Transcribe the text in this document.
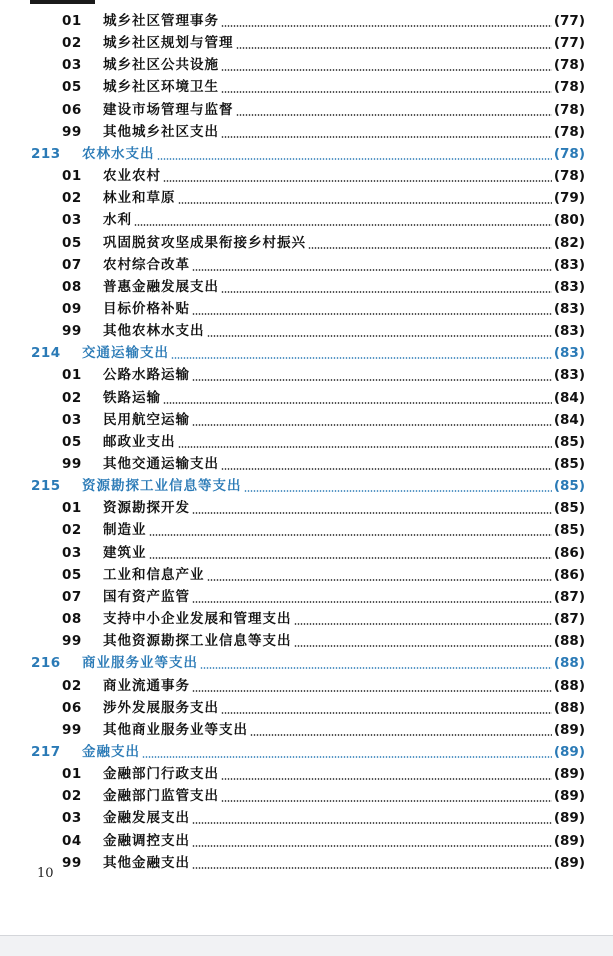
01 城乡社区管理事务	(77)
02 城乡社区规划与管理	(77)
03 城乡社区公共设施	(78)
05 城乡社区环境卫生	(78)
06 建设市场管理与监督	(78)
99 其他城乡社区支出	(78)
213 农林水支出	(78)
01 农业农村	(78)
02 林业和草原	(79)
03 水利	(80)
05 巩固脱贫攻坚成果衔接乡村振兴	(82)
07 农村综合改革	(83)
08 普惠金融发展支出	(83)
09 目标价格补贴	(83)
99 其他农林水支出	(83)
214 交通运输支出	(83)
01 公路水路运输	(83)
02 铁路运输	(84)
03 民用航空运输	(84)
05 邮政业支出	(85)
99 其他交通运输支出	(85)
215 资源勘探工业信息等支出	(85)
01 资源勘探开发	(85)
02 制造业	(85)
03 建筑业	(86)
05 工业和信息产业	(86)
07 国有资产监管	(87)
08 支持中小企业发展和管理支出	(87)
99 其他资源勘探工业信息等支出	(88)
216 商业服务业等支出	(88)
02 商业流通事务	(88)
06 涉外发展服务支出	(88)
99 其他商业服务业等支出	(89)
217 金融支出	(89)
01 金融部门行政支出	(89)
02 金融部门监管支出	(89)
03 金融发展支出	(89)
04 金融调控支出	(89)
99 其他金融支出	(89)
10
